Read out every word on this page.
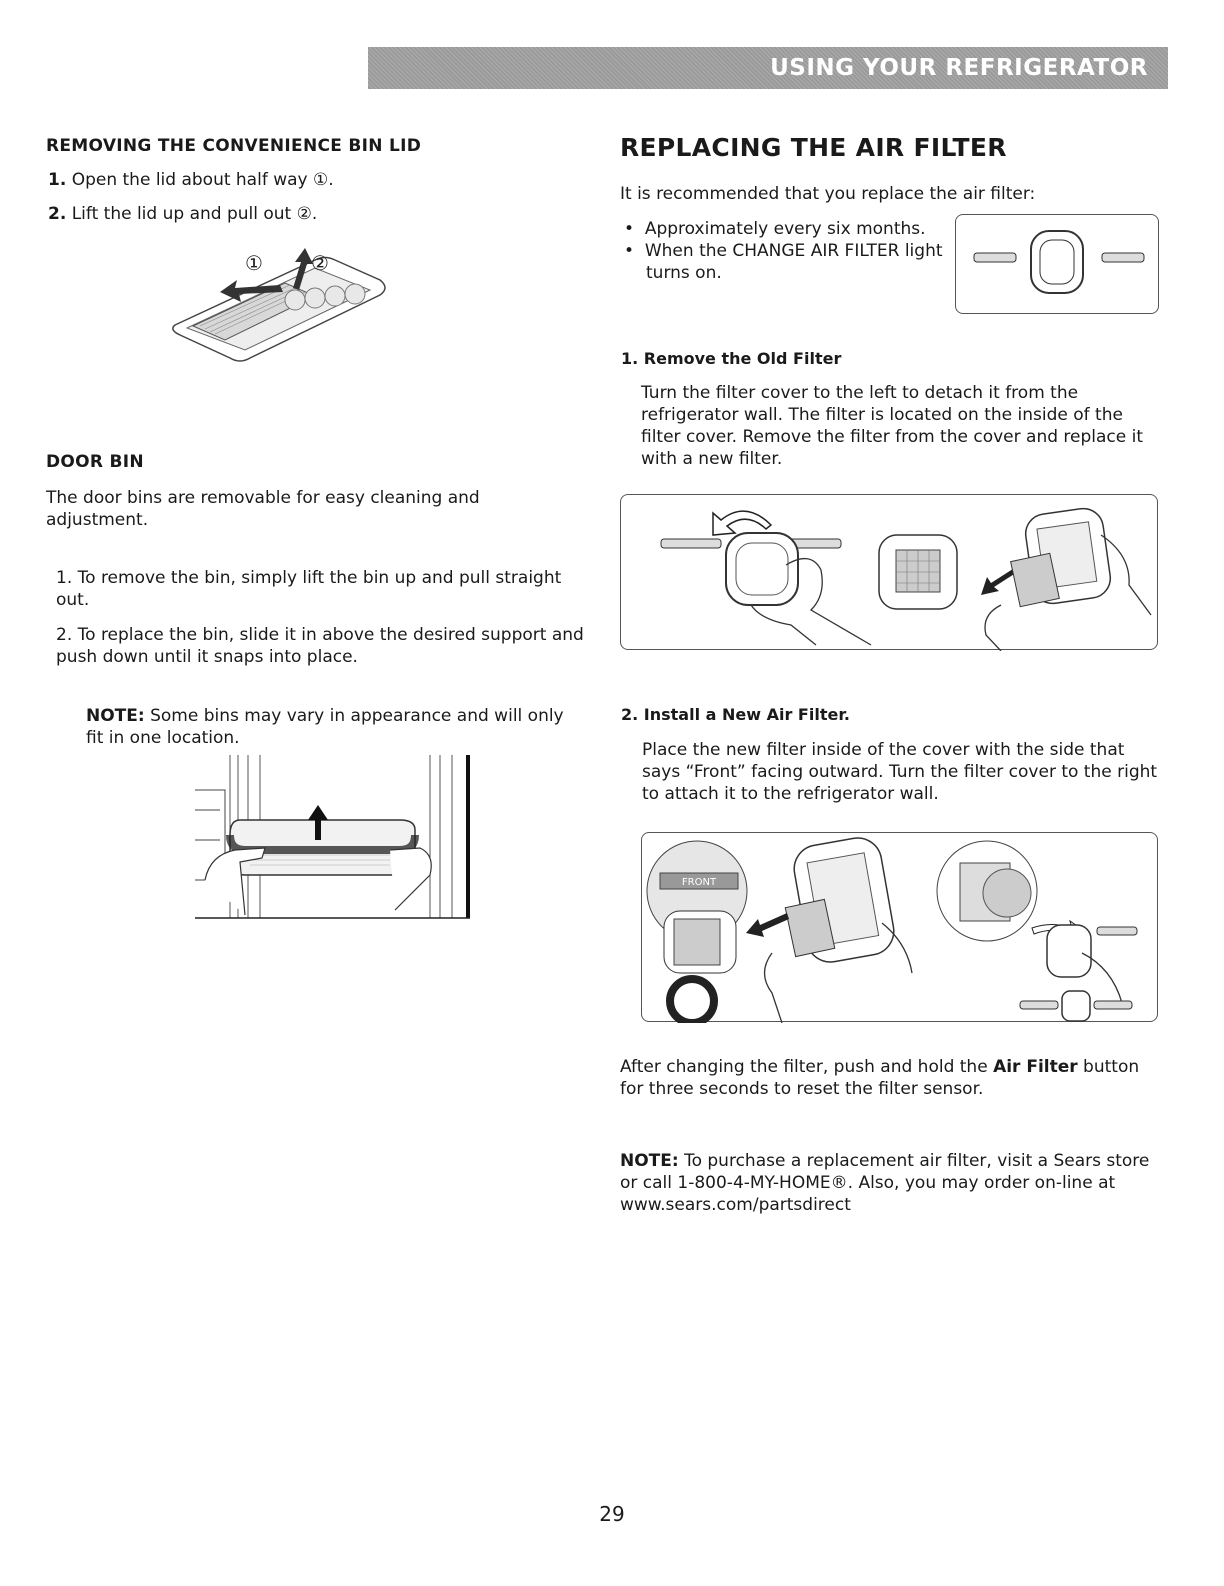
USING YOUR REFRIGERATOR
REMOVING THE CONVENIENCE BIN LID
1. Open the lid about half way ①.
2. Lift the lid up and pull out ②.
① ②
DOOR BIN
The door bins are removable for easy cleaning and adjustment.
1. To remove the bin, simply lift the bin up and pull straight out.
2. To replace the bin, slide it in above the desired support and push down until it snaps into place.
NOTE: Some bins may vary in appearance and will only fit in one location.
REPLACING THE AIR FILTER
It is recommended that you replace the air filter:
•  Approximately every six months.
•  When the CHANGE AIR FILTER light turns on.
1. Remove the Old Filter
Turn the filter cover to the left to detach it from the refrigerator wall. The filter is located on the inside of the filter cover. Remove the filter from the cover and replace it with a new filter.
2. Install a New Air Filter.
Place the new filter inside of the cover with the side that says “Front” facing outward. Turn the filter cover to the right to attach it to the refrigerator wall.
FRONT
After changing the filter, push and hold the Air Filter button for three seconds to reset the filter sensor.
NOTE: To purchase a replacement air filter, visit a Sears store or call 1-800-4-MY-HOME®. Also, you may order on-line at www.sears.com/partsdirect
29
